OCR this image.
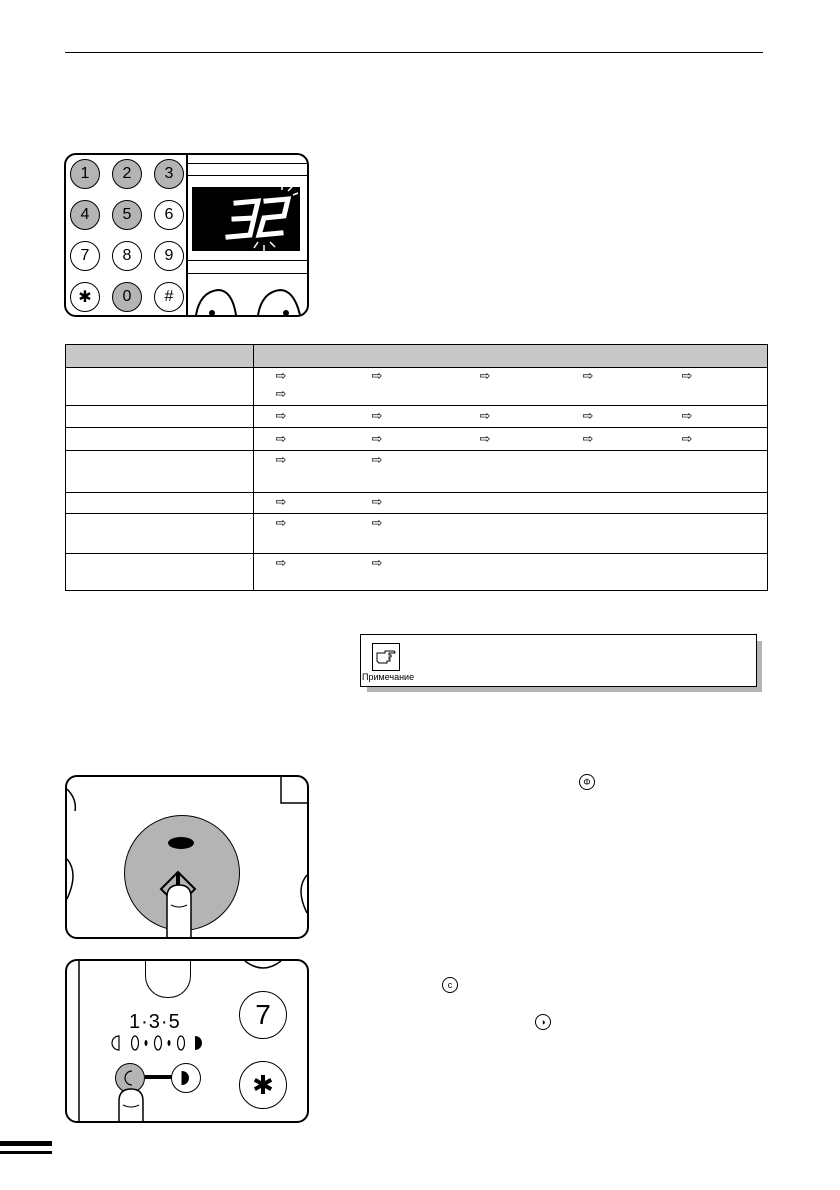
1	2	3
4	5	6
7	8	9
✱	0	#
⇨	⇨	⇨	⇨	⇨
⇨
⇨	⇨	⇨	⇨	⇨
⇨	⇨	⇨	⇨	⇨
⇨	⇨
⇨	⇨
⇨	⇨
⇨	⇨
Примечание
Φ
c
◑
7
✱
1·3·5
